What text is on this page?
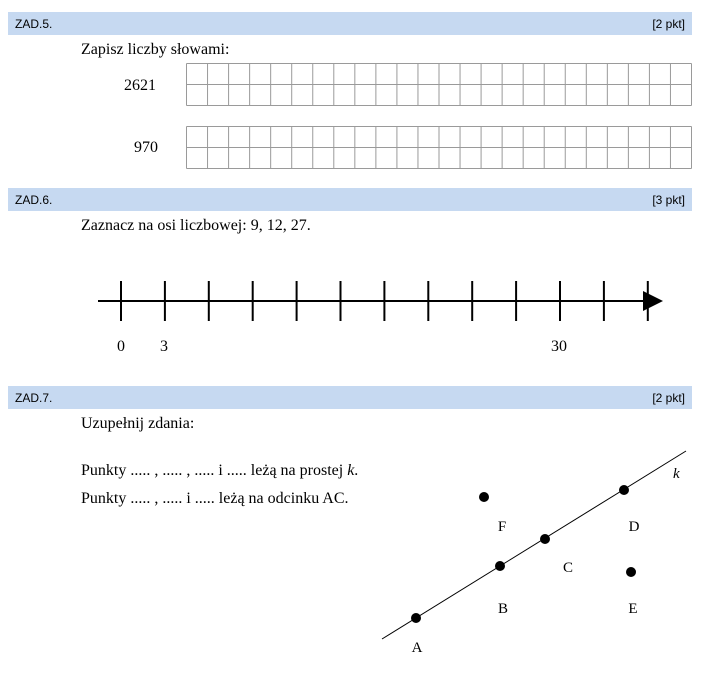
ZAD.5.	[2 pkt]
Zapisz liczby słowami:
2621
970
ZAD.6.	[3 pkt]
Zaznacz na osi liczbowej: 9, 12, 27.
0 3	30
ZAD.7.	[2 pkt]
Uzupełnij zdania:
Punkty ..... , ..... , ..... i ..... leżą na prostej k.
Punkty ..... , ..... i ..... leżą na odcinku AC.
k
A
B
C
D
E
F
